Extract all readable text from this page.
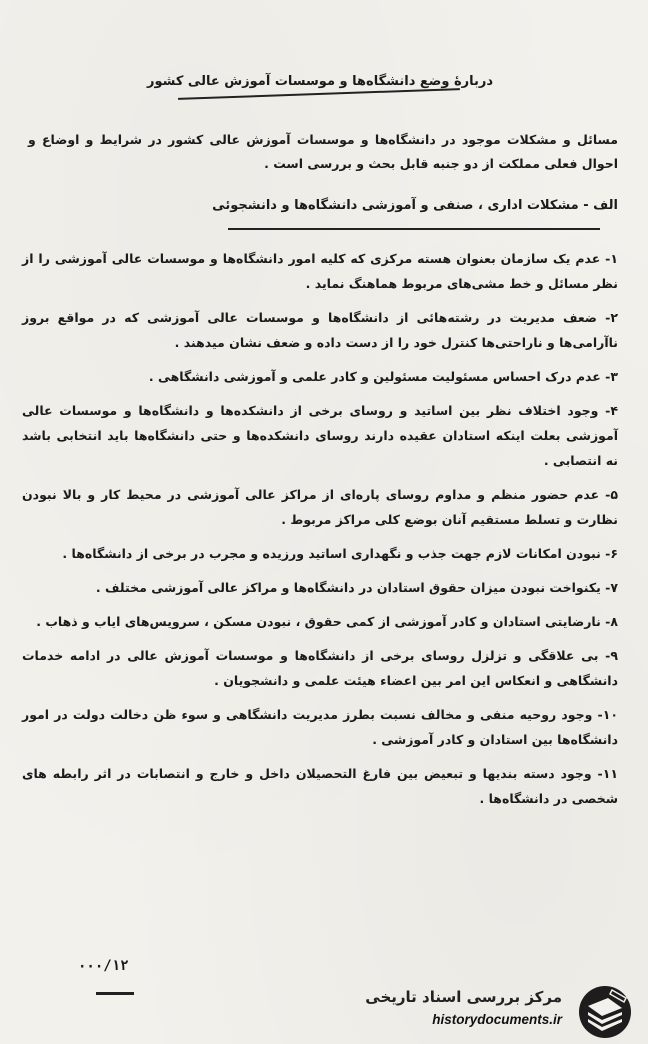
دربارۀ وضع دانشگاه‌ها و موسسات آموزش عالی کشور
مسائل و مشکلات موجود در دانشگاه‌ها و موسسات آموزش عالی کشور در شرایط و اوضاع و احوال فعلی مملکت از دو جنبه قابل بحث و بررسی است .
الف - مشکلات اداری ، صنفی و آموزشی دانشگاه‌ها و دانشجوئی
۱- عدم یک سازمان بعنوان هسته مرکزی که کلیه امور دانشگاه‌ها و موسسات عالی آموزشی را از نظر مسائل و خط مشی‌های مربوط هماهنگ نماید .
۲- ضعف مدیریت در رشته‌هائی از دانشگاه‌ها و موسسات عالی آموزشی که در مواقع بروز ناآرامی‌ها و ناراحتی‌ها کنترل خود را از دست داده و ضعف نشان میدهند .
۳- عدم درک احساس مسئولیت مسئولین و کادر علمی و آموزشی دانشگاهی .
۴- وجود اختلاف نظر بین اساتید و روسای برخی از دانشکده‌ها و دانشگاه‌ها و موسسات عالی آموزشی بعلت اینکه استادان عقیده دارند روسای دانشکده‌ها و حتی دانشگاه‌ها باید انتخابی باشد نه انتصابی .
۵- عدم حضور منظم و مداوم روسای پاره‌ای از مراکز عالی آموزشی در محیط کار و بالا نبودن نظارت و تسلط مستقیم آنان بوضع کلی مراکز مربوط .
۶- نبودن امکانات لازم جهت جذب و نگهداری اساتید ورزیده و مجرب در برخی از دانشگاه‌ها .
۷- یکنواخت نبودن میزان حقوق استادان در دانشگاه‌ها و مراکز عالی آموزشی مختلف .
۸- نارضایتی استادان و کادر آموزشی از کمی حقوق ، نبودن مسکن ، سرویس‌های ایاب و ذهاب .
۹- بی علاقگی و تزلزل روسای برخی از دانشگاه‌ها و موسسات آموزش عالی در ادامه خدمات دانشگاهی و انعکاس این امر بین اعضاء هیئت علمی و دانشجویان .
۱۰- وجود روحیه منفی و مخالف نسبت بطرز مدیریت دانشگاهی و سوء ظن دخالت دولت در امور دانشگاه‌ها بین استادان و کادر آموزشی .
۱۱- وجود دسته بندیها و تبعیض بین فارغ التحصیلان داخل و خارج و انتصابات در اثر رابطه های شخصی در دانشگاه‌ها .
۰۰۰/۱۲
مرکز بررسی اسناد تاریخی
historydocuments.ir
